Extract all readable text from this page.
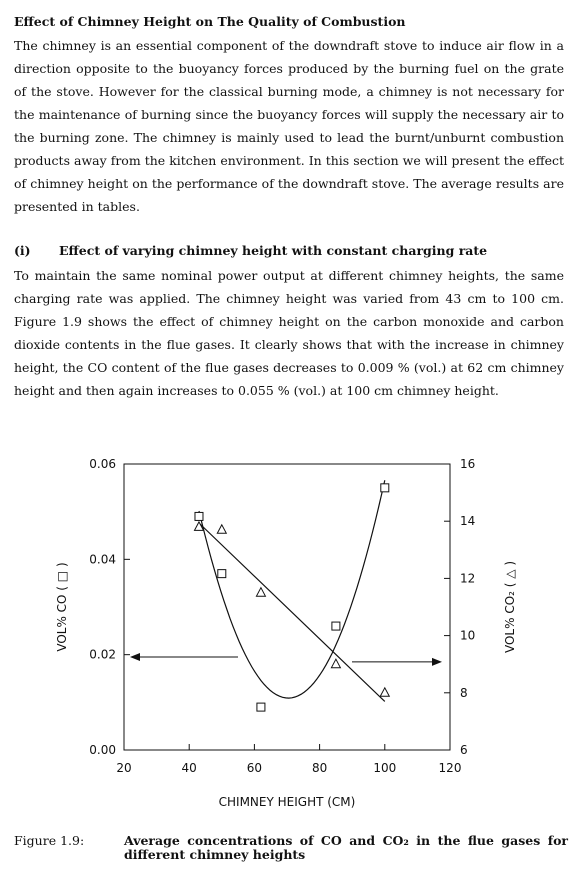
Effect of Chimney Height on The Quality of Combustion

The chimney is an essential component of the downdraft stove to induce air flow in a direction opposite to the buoyancy forces produced by the burning fuel on the grate of the stove. However for the classical burning mode, a chimney is not necessary for the maintenance of burning since the buoyancy forces will supply the necessary air to the burning zone. The chimney is mainly used to lead the burnt/unburnt combustion products away from the kitchen environment. In this section we will present the effect of chimney height on the performance of the downdraft stove. The average results are presented in tables.

(i) Effect of varying chimney height with constant charging rate

To maintain the same nominal power output at different chimney heights, the same charging rate was applied. The chimney height was varied from 43 cm to 100 cm. Figure 1.9 shows the effect of chimney height on the carbon monoxide and carbon dioxide contents in the flue gases. It clearly shows that with the increase in chimney height, the CO content of the flue gases decreases to 0.009 % (vol.) at 62 cm chimney height and then again increases to 0.055 % (vol.) at 100 cm chimney height.

20	40	60	80	100	120
0.00
0.02
0.04
0.06
6
8
10
12
14
16
CHIMNEY HEIGHT (CM)
VOL% CO ( □ )	VOL% CO₂ ( △ )
Figure 1.9:	Average concentrations of CO and CO₂ in the flue gases for different chimney heights
